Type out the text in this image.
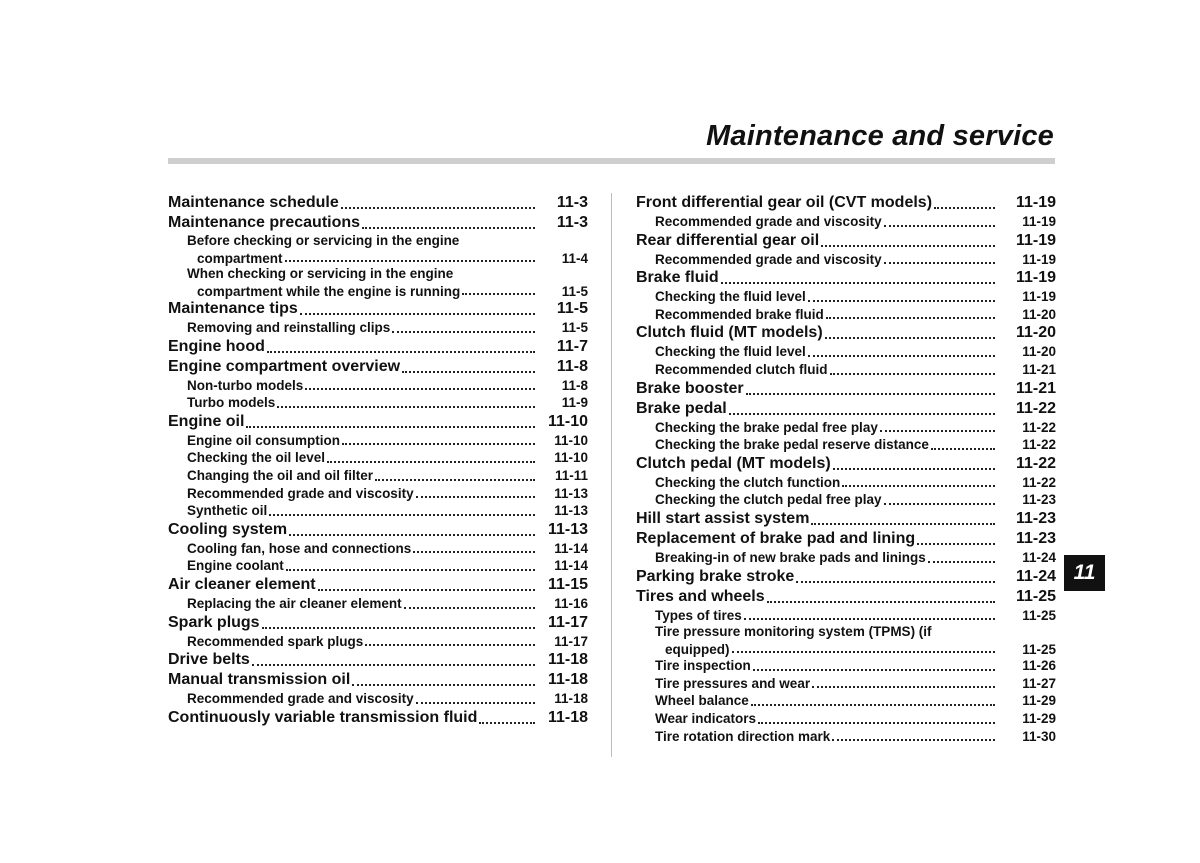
Maintenance and service
Maintenance schedule	11-3
Maintenance precautions	11-3
Before checking or servicing in the engine
compartment	11-4
When checking or servicing in the engine
compartment while the engine is running	11-5
Maintenance tips	11-5
Removing and reinstalling clips	11-5
Engine hood	11-7
Engine compartment overview	11-8
Non-turbo models	11-8
Turbo models	11-9
Engine oil	11-10
Engine oil consumption	11-10
Checking the oil level	11-10
Changing the oil and oil filter	11-11
Recommended grade and viscosity	11-13
Synthetic oil	11-13
Cooling system	11-13
Cooling fan, hose and connections	11-14
Engine coolant	11-14
Air cleaner element	11-15
Replacing the air cleaner element	11-16
Spark plugs	11-17
Recommended spark plugs	11-17
Drive belts	11-18
Manual transmission oil	11-18
Recommended grade and viscosity	11-18
Continuously variable transmission fluid	11-18
Front differential gear oil (CVT models)	11-19
Recommended grade and viscosity	11-19
Rear differential gear oil	11-19
Recommended grade and viscosity	11-19
Brake fluid	11-19
Checking the fluid level	11-19
Recommended brake fluid	11-20
Clutch fluid (MT models)	11-20
Checking the fluid level	11-20
Recommended clutch fluid	11-21
Brake booster	11-21
Brake pedal	11-22
Checking the brake pedal free play	11-22
Checking the brake pedal reserve distance	11-22
Clutch pedal (MT models)	11-22
Checking the clutch function	11-22
Checking the clutch pedal free play	11-23
Hill start assist system	11-23
Replacement of brake pad and lining	11-23
Breaking-in of new brake pads and linings	11-24
Parking brake stroke	11-24
Tires and wheels	11-25
Types of tires	11-25
Tire pressure monitoring system (TPMS) (if
equipped)	11-25
Tire inspection	11-26
Tire pressures and wear	11-27
Wheel balance	11-29
Wear indicators	11-29
Tire rotation direction mark	11-30
11
